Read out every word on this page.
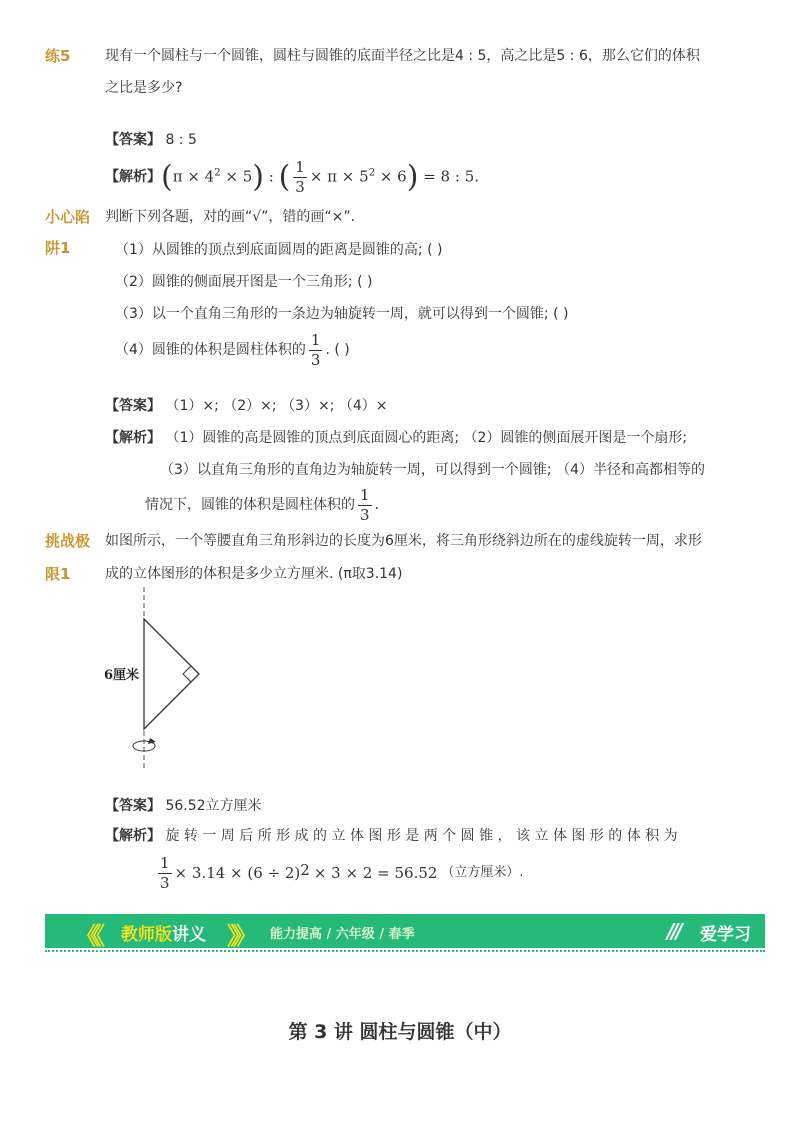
练5 现有一个圆柱与一个圆锥，圆柱与圆锥的底面半径之比是4 : 5，高之比是5 : 6，那么它们的体积
之比是多少?
【答案】 8 : 5
【解析】 $(\pi \times 4^2 \times 5)$ : ( $\frac{1}{3} \times \pi \times 5^2 \times 6) = 8$ : 5.
小心陷
阱1
判断下列各题，对的画“√”，错的画“×”.
（1）从圆锥的顶点到底面圆周的距离是圆锥的高; ( )
（2）圆锥的侧面展开图是一个三角形; ( )
（3）以一个直角三角形的一条边为轴旋转一周，就可以得到一个圆锥; ( )
（4）圆锥的体积是圆柱体积的 $\frac{1}{3}$ . ( )
【答案】 （1）×; （2）×; （3）×; （4）×
【解析】 （1）圆锥的高是圆锥的顶点到底面圆心的距离; （2）圆锥的侧面展开图是一个扇形;
（3）以直角三角形的直角边为轴旋转一周，可以得到一个圆锥; （4）半径和高都相等的
情况下，圆锥的体积是圆柱体积的 $\frac{1}{3}$ .
挑战极
限1
如图所示，一个等腰直角三角形斜边的长度为6厘米，将三角形绕斜边所在的虚线旋转一周，求形
成的立体图形的体积是多少立方厘米. (π取3.14)
6厘米
【答案】 56.52立方厘米
【解析】 旋 转 一 周 后 所 形 成 的 立 体 图 形 是 两 个 圆 锥 ， 该 立 体 图 形 的 体 积 为
$\frac{1}{3} \times 3.14 \times (6 \div 2) 2 \times 3 \times 2 = 56.52$ （立方厘米）.
《《 教师版讲义 》》 能力提高 / 六年级 / 春季	/// 爱学习
第 3 讲 圆柱与圆锥（中）
